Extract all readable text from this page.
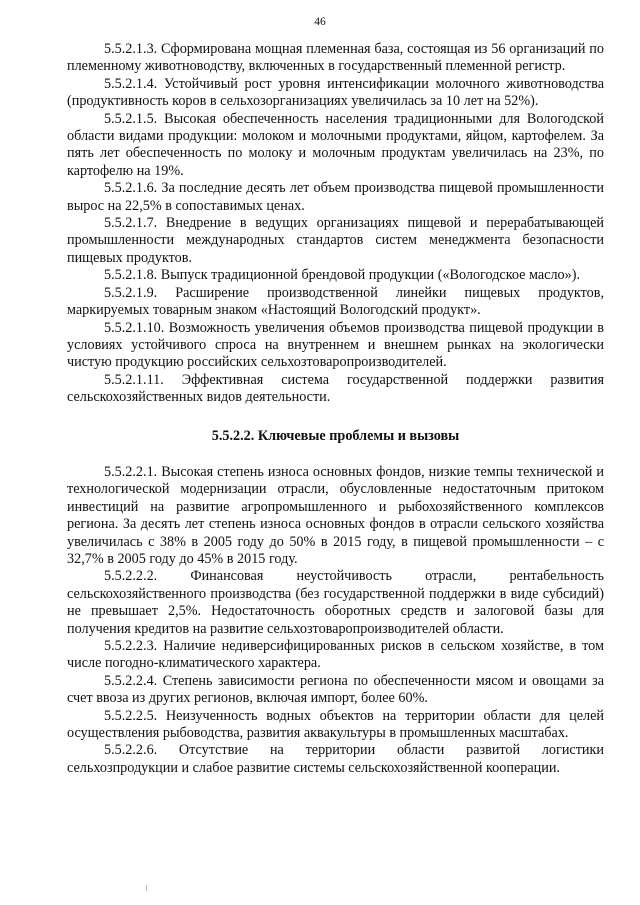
46

5.5.2.1.3. Сформирована мощная племенная база, состоящая из 56 организаций по племенному животноводству, включенных в государственный племенной регистр.

5.5.2.1.4. Устойчивый рост уровня интенсификации молочного животноводства (продуктивность коров в сельхозорганизациях увеличилась за 10 лет на 52%).

5.5.2.1.5. Высокая обеспеченность населения традиционными для Вологодской области видами продукции: молоком и молочными продуктами, яйцом, картофелем. За пять лет обеспеченность по молоку и молочным продуктам увеличилась на 23%, по картофелю на 19%.

5.5.2.1.6. За последние десять лет объем производства пищевой промышленности вырос на 22,5% в сопоставимых ценах.

5.5.2.1.7. Внедрение в ведущих организациях пищевой и перерабатывающей промышленности международных стандартов систем менеджмента безопасности пищевых продуктов.

5.5.2.1.8. Выпуск традиционной брендовой продукции («Вологодское масло»).

5.5.2.1.9. Расширение производственной линейки пищевых продуктов, маркируемых товарным знаком «Настоящий Вологодский продукт».

5.5.2.1.10. Возможность увеличения объемов производства пищевой продукции в условиях устойчивого спроса на внутреннем и внешнем рынках на экологически чистую продукцию российских сельхозтоваропроизводителей.

5.5.2.1.11. Эффективная система государственной поддержки развития сельскохозяйственных видов деятельности.

5.5.2.2. Ключевые проблемы и вызовы

5.5.2.2.1. Высокая степень износа основных фондов, низкие темпы технической и технологической модернизации отрасли, обусловленные недостаточным притоком инвестиций на развитие агропромышленного и рыбохозяйственного комплексов региона. За десять лет степень износа основных фондов в отрасли сельского хозяйства увеличилась с 38% в 2005 году до 50% в 2015 году, в пищевой промышленности – с 32,7% в 2005 году до 45% в 2015 году.

5.5.2.2.2. Финансовая неустойчивость отрасли, рентабельность сельскохозяйственного производства (без государственной поддержки в виде субсидий) не превышает 2,5%. Недостаточность оборотных средств и залоговой базы для получения кредитов на развитие сельхозтоваропроизводителей области.

5.5.2.2.3. Наличие недиверсифицированных рисков в сельском хозяйстве, в том числе погодно-климатического характера.

5.5.2.2.4. Степень зависимости региона по обеспеченности мясом и овощами за счет ввоза из других регионов, включая импорт, более 60%.

5.5.2.2.5. Неизученность водных объектов на территории области для целей осуществления рыбоводства, развития аквакультуры в промышленных масштабах.

5.5.2.2.6. Отсутствие на территории области развитой логистики сельхозпродукции и слабое развитие системы сельскохозяйственной кооперации.
